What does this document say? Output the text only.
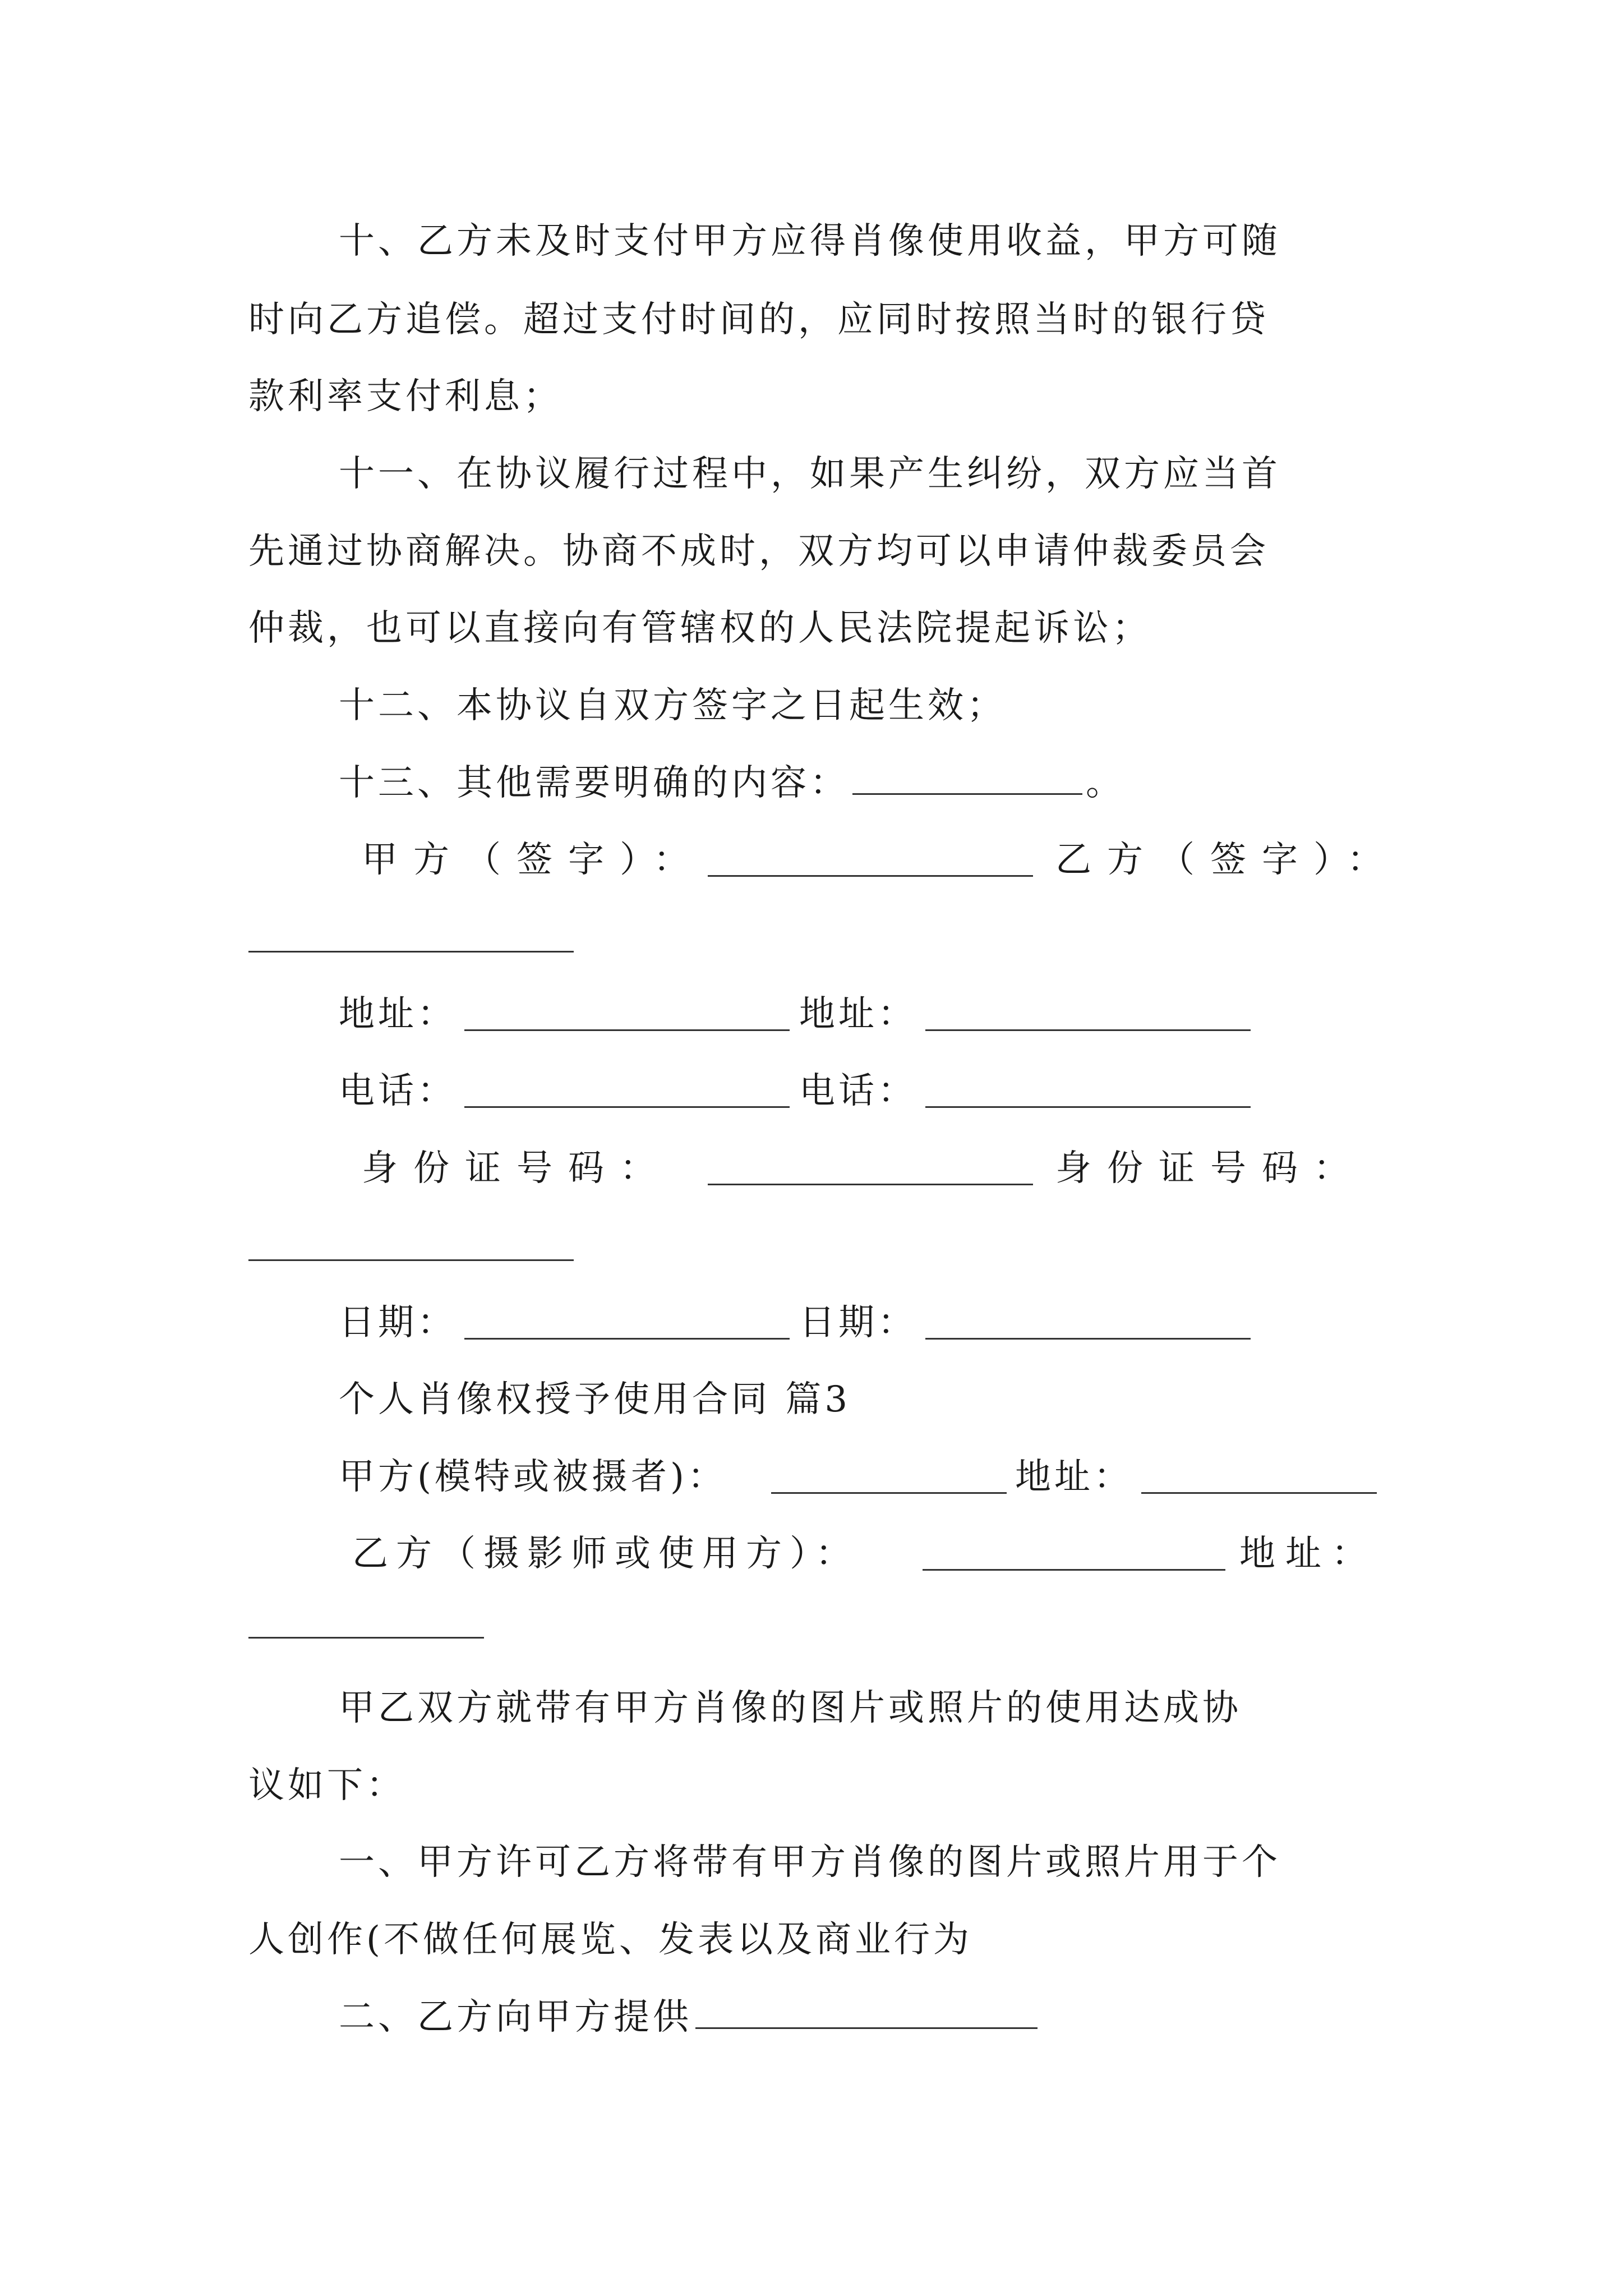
十、乙方未及时支付甲方应得肖像使用收益，甲方可随
时向乙方追偿。超过支付时间的，应同时按照当时的银行贷
款利率支付利息；
十一、在协议履行过程中，如果产生纠纷，双方应当首
先通过协商解决。协商不成时，双方均可以申请仲裁委员会
仲裁，也可以直接向有管辖权的人民法院提起诉讼；
十二、本协议自双方签字之日起生效；
十三、其他需要明确的内容：	。
甲方（签字）：	乙方（签字）：
地址：	地址：
电话：	电话：
身份证号码：	身份证号码：
日期：	日期：
个人肖像权授予使用合同 篇3
甲方(模特或被摄者)：	地址：
乙方（摄影师或使用方）：	地址：
甲乙双方就带有甲方肖像的图片或照片的使用达成协
议如下：
一、甲方许可乙方将带有甲方肖像的图片或照片用于个
人创作(不做任何展览、发表以及商业行为
二、乙方向甲方提供
